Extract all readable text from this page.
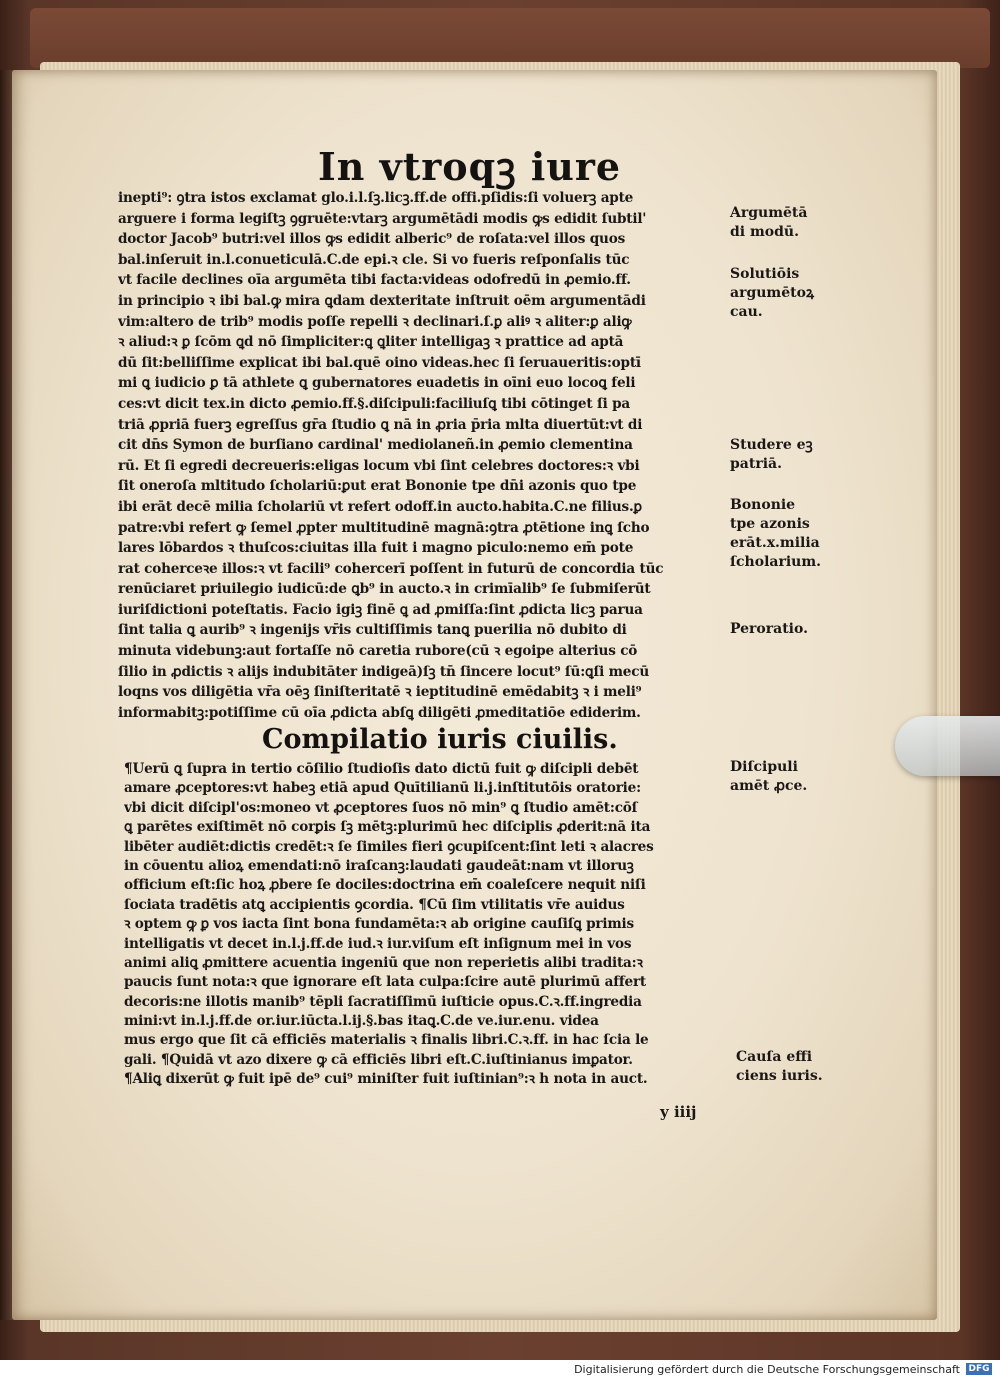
In vtroqꝫ iure
inepti⁹: ꝯtra istos exclamat glo.i.l.ſꝫ.licꝫ.ff.de offi.pſidis:ſi voluerꝫ apte
arguere i forma legiſtꝫ ꝯgruēte:vtarꝫ argumētādi modis ꝙs edidit ſubtil'
doctor Jacob⁹ butri:vel illos ꝙs edidit alberic⁹ de roſata:vel illos quos
bal.inſeruit in.l.conueticulā.C.de epi.ꝛ cle. Si vo fueris reſponſalis tūc
vt facile declines oīa argumēta tibi facta:videas odofredū in ꝓemio.ff.
in principio ꝛ ibi bal.ꝙ mira ꝗdam dexteritate inſtruit oēm argumentādi
vim:altero de trib⁹ modis poſſe repelli ꝛ declinari.ſ.ꝑ aliꝰ ꝛ aliter:ꝑ aliꝙ
ꝛ aliud:ꝛ ꝑ ſcōm ꝗd nō ſimpliciter:ꝗ ꝗliter intelligaꝫ ꝛ prattice ad aptā
dū ſit:belliſſime explicat ibi bal.quē oino videas.hec ſi ſeruaueritis:optī
mi ꝗ iudicio ꝑ tā athlete ꝗ gubernatores euadetis in oīni euo locoꝗ feli
ces:vt dicit tex.in dicto ꝓemio.ff.§.diſcipuli:faciliuſꝗ tibi cōtinget ſi pa
triā ꝓpriā fuerꝫ egreſſus gr̄a ſtudio ꝗ nā in ꝓria p̄ria mlta diuertūt:vt di
cit dn̄s Symon de burſiano cardinal' mediolaneñ.in ꝓemio clementina
rū. Et ſi egredi decreueris:eligas locum vbi ſint celebres doctores:ꝛ vbi
ſit oneroſa mltitudo ſcholariū:ꝑut erat Bononie tpe dn̄i azonis quo tpe
ibi erāt decē milia ſcholariū vt refert odoff.in aucto.habita.C.ne filius.ꝑ
patre:vbi refert ꝙ ſemel ꝓpter multitudinē magnā:ꝯtra ꝓtētione inꝗ ſcho
lares lōbardos ꝛ thuſcos:ciuitas illa fuit i magno piculo:nemo em̄ pote
rat coherceꝛe illos:ꝛ vt facili⁹ cohercerī poſſent in futurū de concordia tūc
renūciaret priuilegio iudicū:de ꝗb⁹ in aucto.ꝛ in crimīalib⁹ ſe ſubmiſerūt
iuriſdictioni poteſtatis. Facio igiꝫ finē ꝗ ad ꝓmiſſa:ſint ꝓdicta licꝫ parua
ſint talia ꝗ aurib⁹ ꝛ ingenijs vr̄is cultiſſimis tanꝗ puerilia nō dubito di
minuta videbunꝫ:aut fortaſſe nō caretia rubore(cū ꝛ egoipe alterius cō
ſilio in ꝓdictis ꝛ alijs indubitāter indigeā)ſꝫ tn̄ ſincere locut⁹ ſū:ꝗſi mecū
loqns vos diligētia vr̄a oēꝫ ſiniſteritatē ꝛ ieptitudinē emēdabitꝫ ꝛ i meli⁹
informabitꝫ:potiſſime cū oīa ꝓdicta abſꝗ diligēti ꝓmeditatiōe ediderim.
Compilatio iuris ciuilis.
¶Uerū ꝗ ſupra in tertio cōſilio ſtudioſis dato dictū fuit ꝙ diſcipli debēt
amare ꝓceptores:vt habeꝫ etiā apud Quītilianū li.j.inſtitutōis oratorie:
vbi dicit diſcipl'os:moneo vt ꝓceptores ſuos nō min⁹ ꝗ ſtudio amēt:cōſ
ꝗ parētes exiſtimēt nō corꝑis ſꝫ mētꝫ:plurimū hec diſciplis ꝓderit:nā ita
libēter audiēt:dictis credēt:ꝛ ſe ſimiles fieri ꝯcupiſcent:ſint leti ꝛ alacres
in cōuentu alioꝝ emendati:nō iraſcanꝫ:laudati gaudeāt:nam vt illoruꝫ
officium eſt:ſic hoꝝ ꝓbere ſe dociles:doctrina em̄ coaleſcere nequit niſi
ſociata tradētis atꝗ accipientis ꝯcordia. ¶Cū ſim vtilitatis vr̄e auidus
ꝛ optem ꝙ ꝑ vos iacta ſint bona fundamēta:ꝛ ab origine cauſiſꝗ primis
intelligatis vt decet in.l.j.ff.de iud.ꝛ iur.viſum eſt inſignum mei in vos
animi aliꝗ ꝓmittere acuentia ingeniū que non reperietis alibi tradita:ꝛ
paucis ſunt nota:ꝛ que ignorare eſt lata culpa:ſcire autē plurimū affert
decoris:ne illotis manib⁹ tēpli ſacratiſſimū iuſticie opus.C.ꝛ.ff.ingredia
mini:vt in.l.j.ff.de or.iur.iūcta.l.ij.§.bas itaꝗ.C.de ve.iur.enu. videa
mus ergo que ſit cā efficiēs materialis ꝛ finalis libri.C.ꝛ.ff. in hac ſcia le
gali. ¶Quidā vt azo dixere ꝙ cā efficiēs libri eſt.C.iuſtinianus imꝑator.
¶Aliꝗ dixerūt ꝙ fuit ipē de⁹ cui⁹ miniſter fuit iuſtinian⁹:ꝛ h nota in auct.
Argumētā
di modū.
Solutiōis
argumētoꝝ
cau.
Studere eꝫ
patriā.
Bononie
tpe azonis
erāt.x.milia
ſcholarium.
Peroratio.
Diſcipuli
amēt ꝓce.
Cauſa effi
ciens iuris.
y iiij
Digitalisierung gefördert durch die Deutsche Forschungsgemeinschaft DFG
